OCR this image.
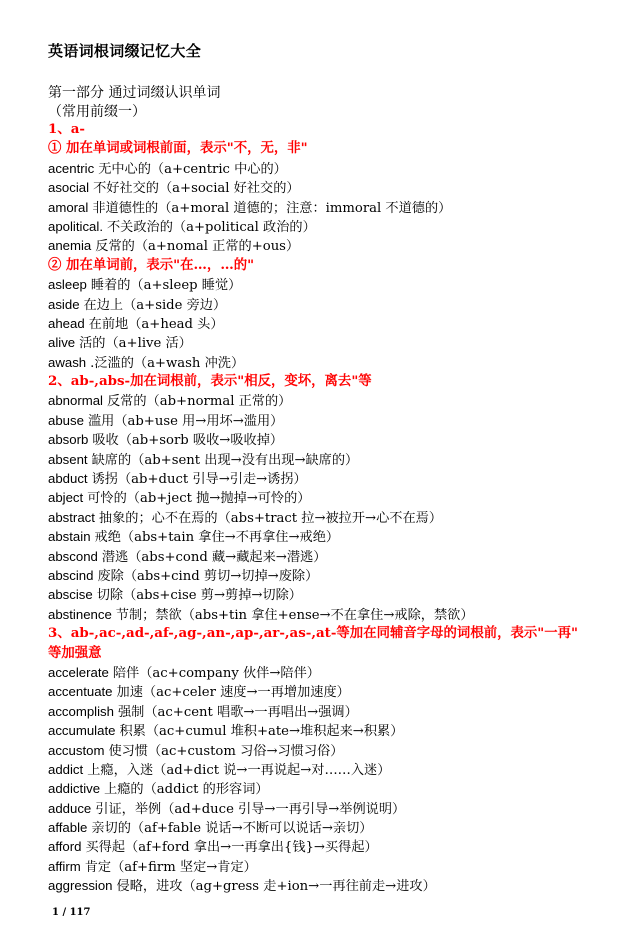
英语词根词缀记忆大全
第一部分 通过词缀认识单词
（常用前缀一）
1、a-
① 加在单词或词根前面，表示"不，无，非"
acentric 无中心的（a+centric 中心的）
asocial 不好社交的（a+social 好社交的）
amoral 非道德性的（a+moral 道德的；注意：immoral 不道德的）
apolitical. 不关政治的（a+political 政治的）
anemia 反常的（a+nomal 正常的+ous）
② 加在单词前，表示"在…，…的"
asleep 睡着的（a+sleep 睡觉）
aside 在边上（a+side 旁边）
ahead 在前地（a+head 头）
alive 活的（a+live 活）
awash .泛滥的（a+wash 冲洗）
2、ab-,abs-加在词根前，表示"相反，变坏，离去"等
abnormal 反常的（ab+normal 正常的）
abuse 滥用（ab+use 用→用坏→滥用）
absorb 吸收（ab+sorb 吸收→吸收掉）
absent 缺席的（ab+sent 出现→没有出现→缺席的）
abduct 诱拐（ab+duct 引导→引走→诱拐）
abject 可怜的（ab+ject 抛→抛掉→可怜的）
abstract 抽象的；心不在焉的（abs+tract 拉→被拉开→心不在焉）
abstain 戒绝（abs+tain 拿住→不再拿住→戒绝）
abscond 潜逃（abs+cond 藏→藏起来→潜逃）
abscind 废除（abs+cind 剪切→切掉→废除）
abscise 切除（abs+cise 剪→剪掉→切除）
abstinence 节制；禁欲（abs+tin 拿住+ense→不在拿住→戒除，禁欲）
3、ab-,ac-,ad-,af-,ag-,an-,ap-,ar-,as-,at-等加在同辅音字母的词根前，表示"一再"
等加强意
accelerate 陪伴（ac+company 伙伴→陪伴）
accentuate 加速（ac+celer 速度→一再增加速度）
accomplish 强制（ac+cent 唱歌→一再唱出→强调）
accumulate 积累（ac+cumul 堆积+ate→堆积起来→积累）
accustom 使习惯（ac+custom 习俗→习惯习俗）
addict 上瘾，入迷（ad+dict 说→一再说起→对……入迷）
addictive 上瘾的（addict 的形容词）
adduce 引证，举例（ad+duce 引导→一再引导→举例说明）
affable 亲切的（af+fable 说话→不断可以说话→亲切）
afford 买得起（af+ford 拿出→一再拿出{钱}→买得起）
affirm 肯定（af+firm 坚定→肯定）
aggression 侵略，进攻（ag+gress 走+ion→一再往前走→进攻）
1 / 117
